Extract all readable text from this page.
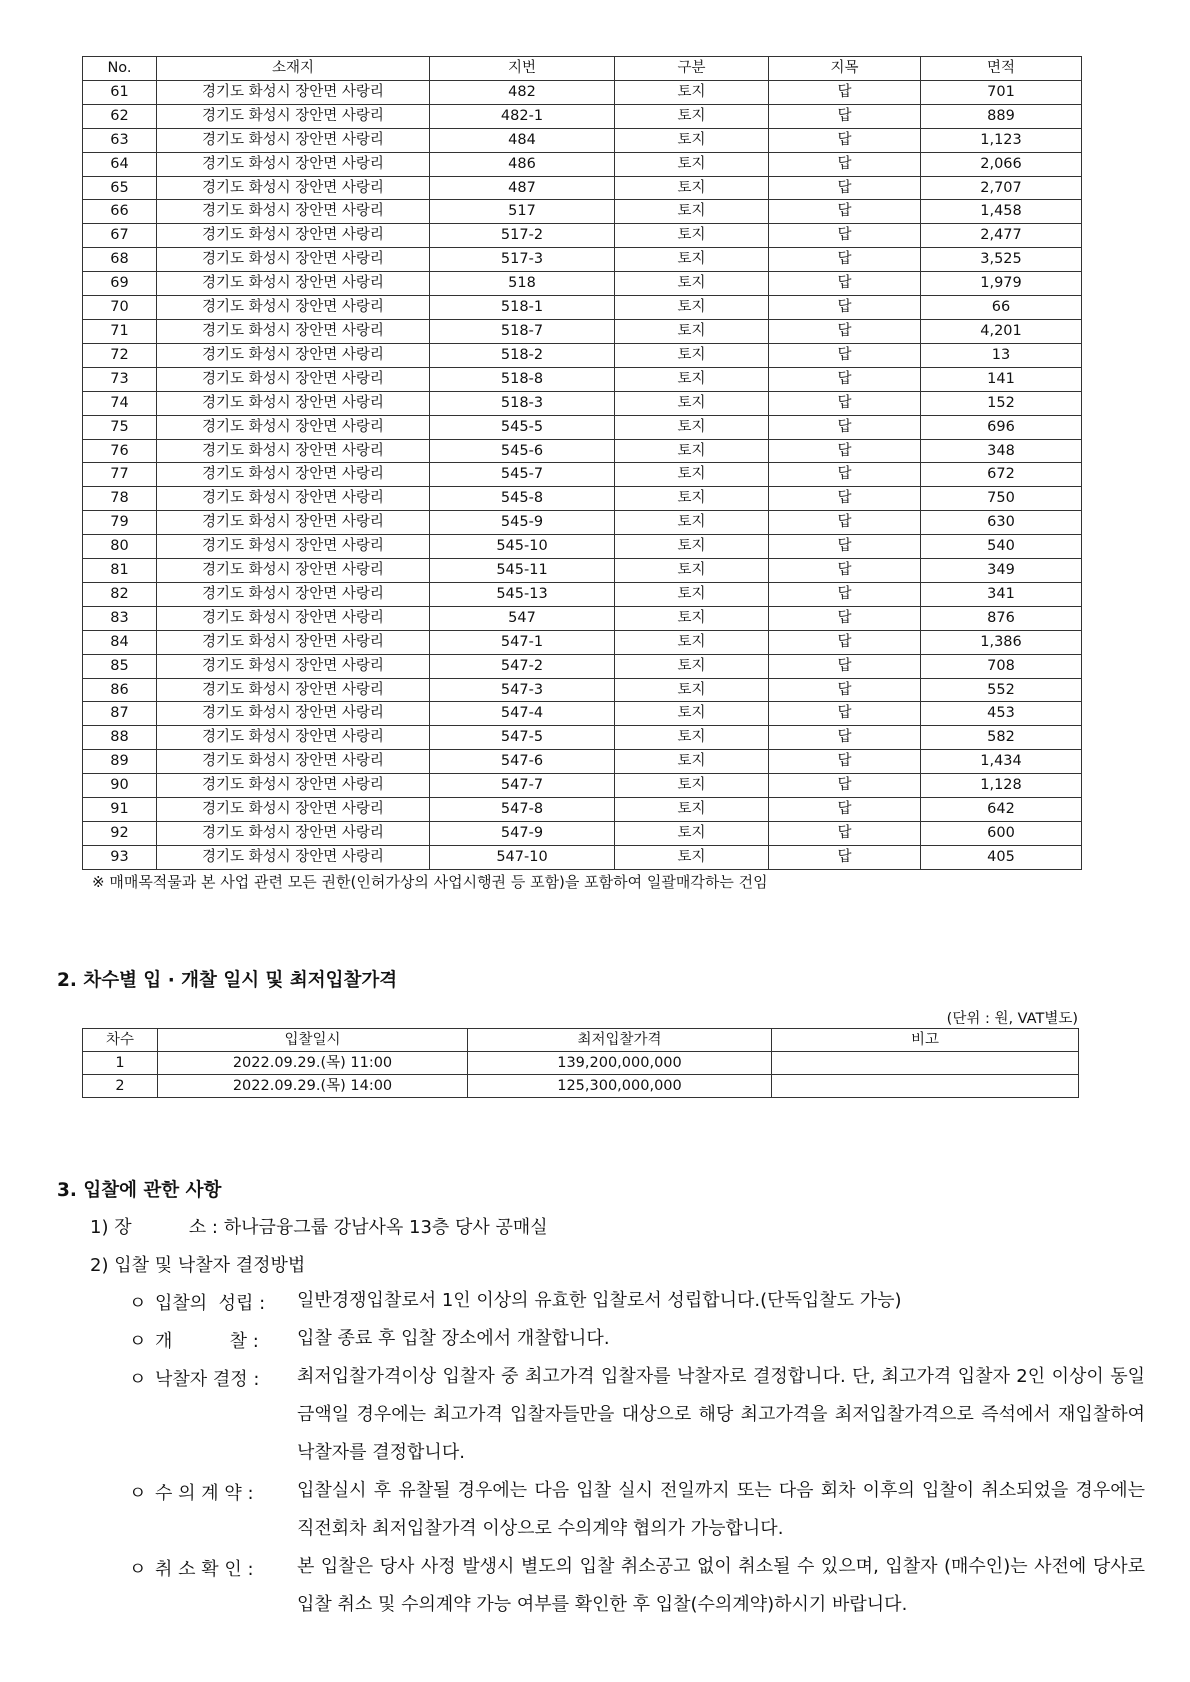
No.	소재지	지번	구분	지목	면적
61	경기도 화성시 장안면 사랑리	482	토지	답	701
62	경기도 화성시 장안면 사랑리	482-1	토지	답	889
63	경기도 화성시 장안면 사랑리	484	토지	답	1,123
64	경기도 화성시 장안면 사랑리	486	토지	답	2,066
65	경기도 화성시 장안면 사랑리	487	토지	답	2,707
66	경기도 화성시 장안면 사랑리	517	토지	답	1,458
67	경기도 화성시 장안면 사랑리	517-2	토지	답	2,477
68	경기도 화성시 장안면 사랑리	517-3	토지	답	3,525
69	경기도 화성시 장안면 사랑리	518	토지	답	1,979
70	경기도 화성시 장안면 사랑리	518-1	토지	답	66
71	경기도 화성시 장안면 사랑리	518-7	토지	답	4,201
72	경기도 화성시 장안면 사랑리	518-2	토지	답	13
73	경기도 화성시 장안면 사랑리	518-8	토지	답	141
74	경기도 화성시 장안면 사랑리	518-3	토지	답	152
75	경기도 화성시 장안면 사랑리	545-5	토지	답	696
76	경기도 화성시 장안면 사랑리	545-6	토지	답	348
77	경기도 화성시 장안면 사랑리	545-7	토지	답	672
78	경기도 화성시 장안면 사랑리	545-8	토지	답	750
79	경기도 화성시 장안면 사랑리	545-9	토지	답	630
80	경기도 화성시 장안면 사랑리	545-10	토지	답	540
81	경기도 화성시 장안면 사랑리	545-11	토지	답	349
82	경기도 화성시 장안면 사랑리	545-13	토지	답	341
83	경기도 화성시 장안면 사랑리	547	토지	답	876
84	경기도 화성시 장안면 사랑리	547-1	토지	답	1,386
85	경기도 화성시 장안면 사랑리	547-2	토지	답	708
86	경기도 화성시 장안면 사랑리	547-3	토지	답	552
87	경기도 화성시 장안면 사랑리	547-4	토지	답	453
88	경기도 화성시 장안면 사랑리	547-5	토지	답	582
89	경기도 화성시 장안면 사랑리	547-6	토지	답	1,434
90	경기도 화성시 장안면 사랑리	547-7	토지	답	1,128
91	경기도 화성시 장안면 사랑리	547-8	토지	답	642
92	경기도 화성시 장안면 사랑리	547-9	토지	답	600
93	경기도 화성시 장안면 사랑리	547-10	토지	답	405
※ 매매목적물과 본 사업 관련 모든 권한(인허가상의 사업시행권 등 포함)을 포함하여 일괄매각하는 건임
2. 차수별 입 · 개찰 일시 및 최저입찰가격
(단위 : 원, VAT별도)
차수	입찰일시	최저입찰가격	비고
1	2022.09.29.(목) 11:00	139,200,000,000	
2	2022.09.29.(목) 14:00	125,300,000,000	
3. 입찰에 관한 사항
1) 장          소 : 하나금융그룹 강남사옥 13층 당사 공매실
2) 입찰 및 낙찰자 결정방법
ㅇ 입찰의  성립 : 일반경쟁입찰로서 1인 이상의 유효한 입찰로서 성립합니다.(단독입찰도 가능)
ㅇ 개          찰 : 입찰 종료 후 입찰 장소에서 개찰합니다.
ㅇ 낙찰자 결정 : 최저입찰가격이상 입찰자 중 최고가격 입찰자를 낙찰자로 결정합니다. 단, 최고가격 입찰자 2인 이상이 동일금액일 경우에는 최고가격 입찰자들만을 대상으로 해당 최고가격을 최저입찰가격으로 즉석에서 재입찰하여 낙찰자를 결정합니다.
ㅇ 수 의 계 약 : 입찰실시 후 유찰될 경우에는 다음 입찰 실시 전일까지 또는 다음 회차 이후의 입찰이 취소되었을 경우에는 직전회차 최저입찰가격 이상으로 수의계약 협의가 가능합니다.
ㅇ 취 소 확 인 : 본 입찰은 당사 사정 발생시 별도의 입찰 취소공고 없이 취소될 수 있으며, 입찰자 (매수인)는 사전에 당사로 입찰 취소 및 수의계약 가능 여부를 확인한 후 입찰(수의계약)하시기 바랍니다.
